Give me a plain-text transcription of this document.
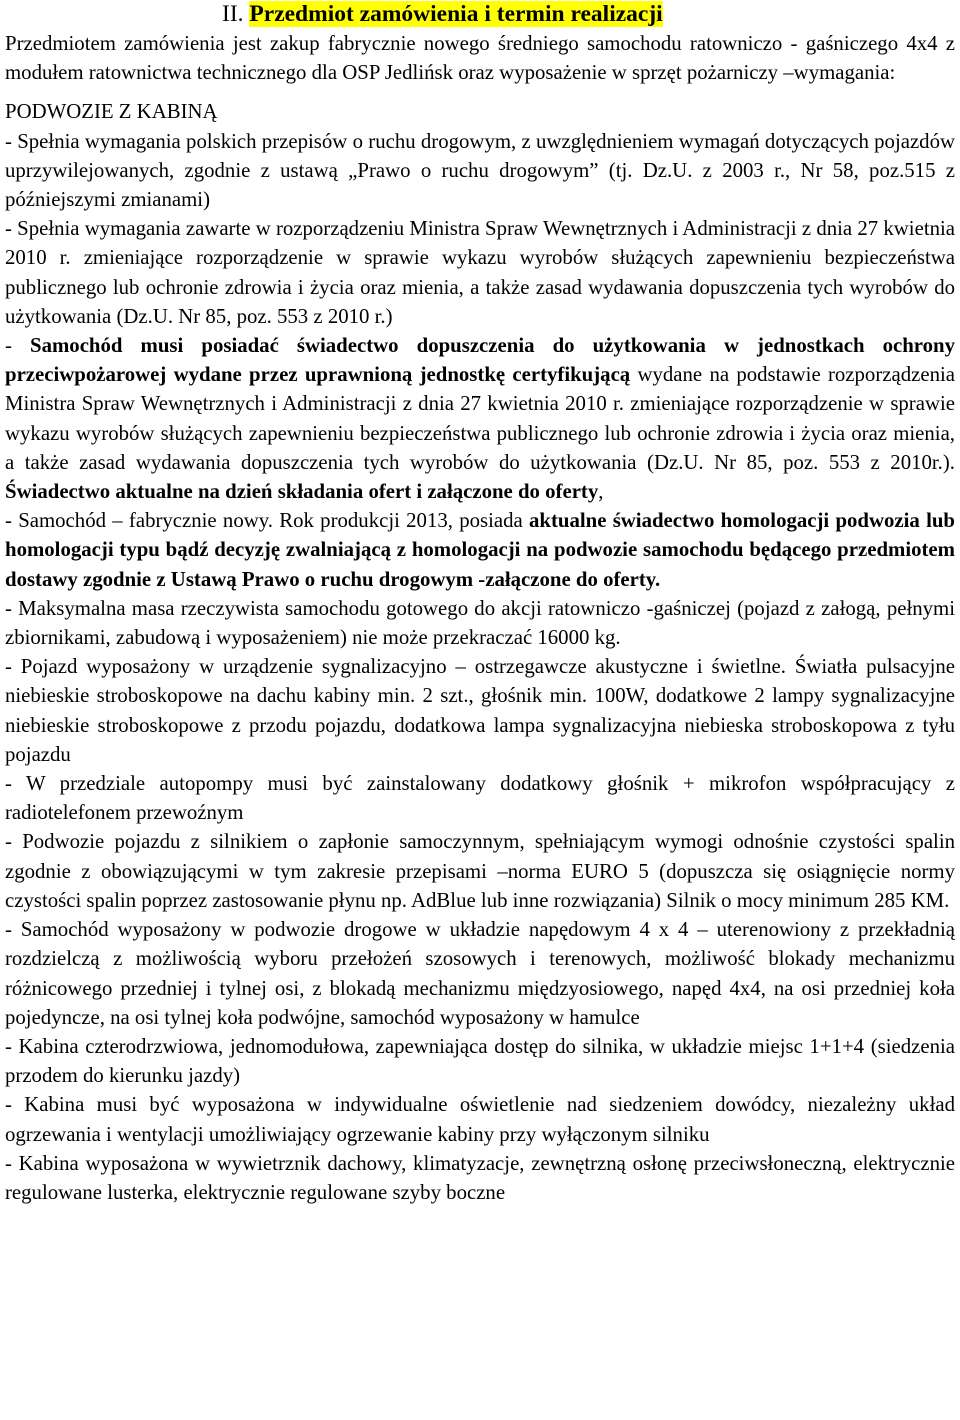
II. Przedmiot zamówienia i termin realizacji

Przedmiotem zamówienia jest zakup fabrycznie nowego średniego samochodu ratowniczo - gaśniczego 4x4 z modułem ratownictwa technicznego dla OSP Jedlińsk oraz wyposażenie w sprzęt pożarniczy –wymagania:

PODWOZIE Z KABINĄ

- Spełnia wymagania polskich przepisów o ruchu drogowym, z uwzględnieniem wymagań dotyczących pojazdów uprzywilejowanych, zgodnie z ustawą „Prawo o ruchu drogowym” (tj. Dz.U. z 2003 r., Nr 58, poz.515 z późniejszymi zmianami)

- Spełnia wymagania zawarte w rozporządzeniu Ministra Spraw Wewnętrznych i Administracji z dnia 27 kwietnia 2010 r. zmieniające rozporządzenie w sprawie wykazu wyrobów służących zapewnieniu bezpieczeństwa publicznego lub ochronie zdrowia i życia oraz mienia, a także zasad wydawania dopuszczenia tych wyrobów do użytkowania (Dz.U. Nr 85, poz. 553 z 2010 r.)

- Samochód musi posiadać świadectwo dopuszczenia do użytkowania w jednostkach ochrony przeciwpożarowej wydane przez uprawnioną jednostkę certyfikującą wydane na podstawie rozporządzenia Ministra Spraw Wewnętrznych i Administracji z dnia 27 kwietnia 2010 r. zmieniające rozporządzenie w sprawie wykazu wyrobów służących zapewnieniu bezpieczeństwa publicznego lub ochronie zdrowia i życia oraz mienia, a także zasad wydawania dopuszczenia tych wyrobów do użytkowania (Dz.U. Nr 85, poz. 553 z 2010r.). Świadectwo aktualne na dzień składania ofert i załączone do oferty,

- Samochód – fabrycznie nowy. Rok produkcji 2013, posiada aktualne świadectwo homologacji podwozia lub homologacji typu bądź decyzję zwalniającą z homologacji na podwozie samochodu będącego przedmiotem dostawy zgodnie z Ustawą Prawo o ruchu drogowym -załączone do oferty.

- Maksymalna masa rzeczywista samochodu gotowego do akcji ratowniczo -gaśniczej (pojazd z załogą, pełnymi zbiornikami, zabudową i wyposażeniem) nie może przekraczać 16000 kg.

- Pojazd wyposażony w urządzenie sygnalizacyjno – ostrzegawcze akustyczne i świetlne. Światła pulsacyjne niebieskie stroboskopowe na dachu kabiny min. 2 szt., głośnik min. 100W, dodatkowe 2 lampy sygnalizacyjne niebieskie stroboskopowe z przodu pojazdu, dodatkowa lampa sygnalizacyjna niebieska stroboskopowa z tyłu pojazdu

- W przedziale autopompy musi być zainstalowany dodatkowy głośnik + mikrofon współpracujący z radiotelefonem przewoźnym

- Podwozie pojazdu z silnikiem o zapłonie samoczynnym, spełniającym wymogi odnośnie czystości spalin zgodnie z obowiązującymi w tym zakresie przepisami –norma EURO 5 (dopuszcza się osiągnięcie normy czystości spalin poprzez zastosowanie płynu np. AdBlue lub inne rozwiązania) Silnik o mocy minimum 285 KM.

- Samochód wyposażony w podwozie drogowe w układzie napędowym 4 x 4 – uterenowiony z przekładnią rozdzielczą z możliwością wyboru przełożeń szosowych i terenowych, możliwość blokady mechanizmu różnicowego przedniej i tylnej osi, z blokadą mechanizmu międzyosiowego, napęd 4x4, na osi przedniej koła pojedyncze, na osi tylnej koła podwójne, samochód wyposażony w hamulce

- Kabina czterodrzwiowa, jednomodułowa, zapewniająca dostęp do silnika, w układzie miejsc 1+1+4 (siedzenia przodem do kierunku jazdy)

- Kabina musi być wyposażona w indywidualne oświetlenie nad siedzeniem dowódcy, niezależny układ ogrzewania i wentylacji umożliwiający ogrzewanie kabiny przy wyłączonym silniku

- Kabina wyposażona w wywietrznik dachowy, klimatyzacje, zewnętrzną osłonę przeciwsłoneczną, elektrycznie regulowane lusterka, elektrycznie regulowane szyby boczne
